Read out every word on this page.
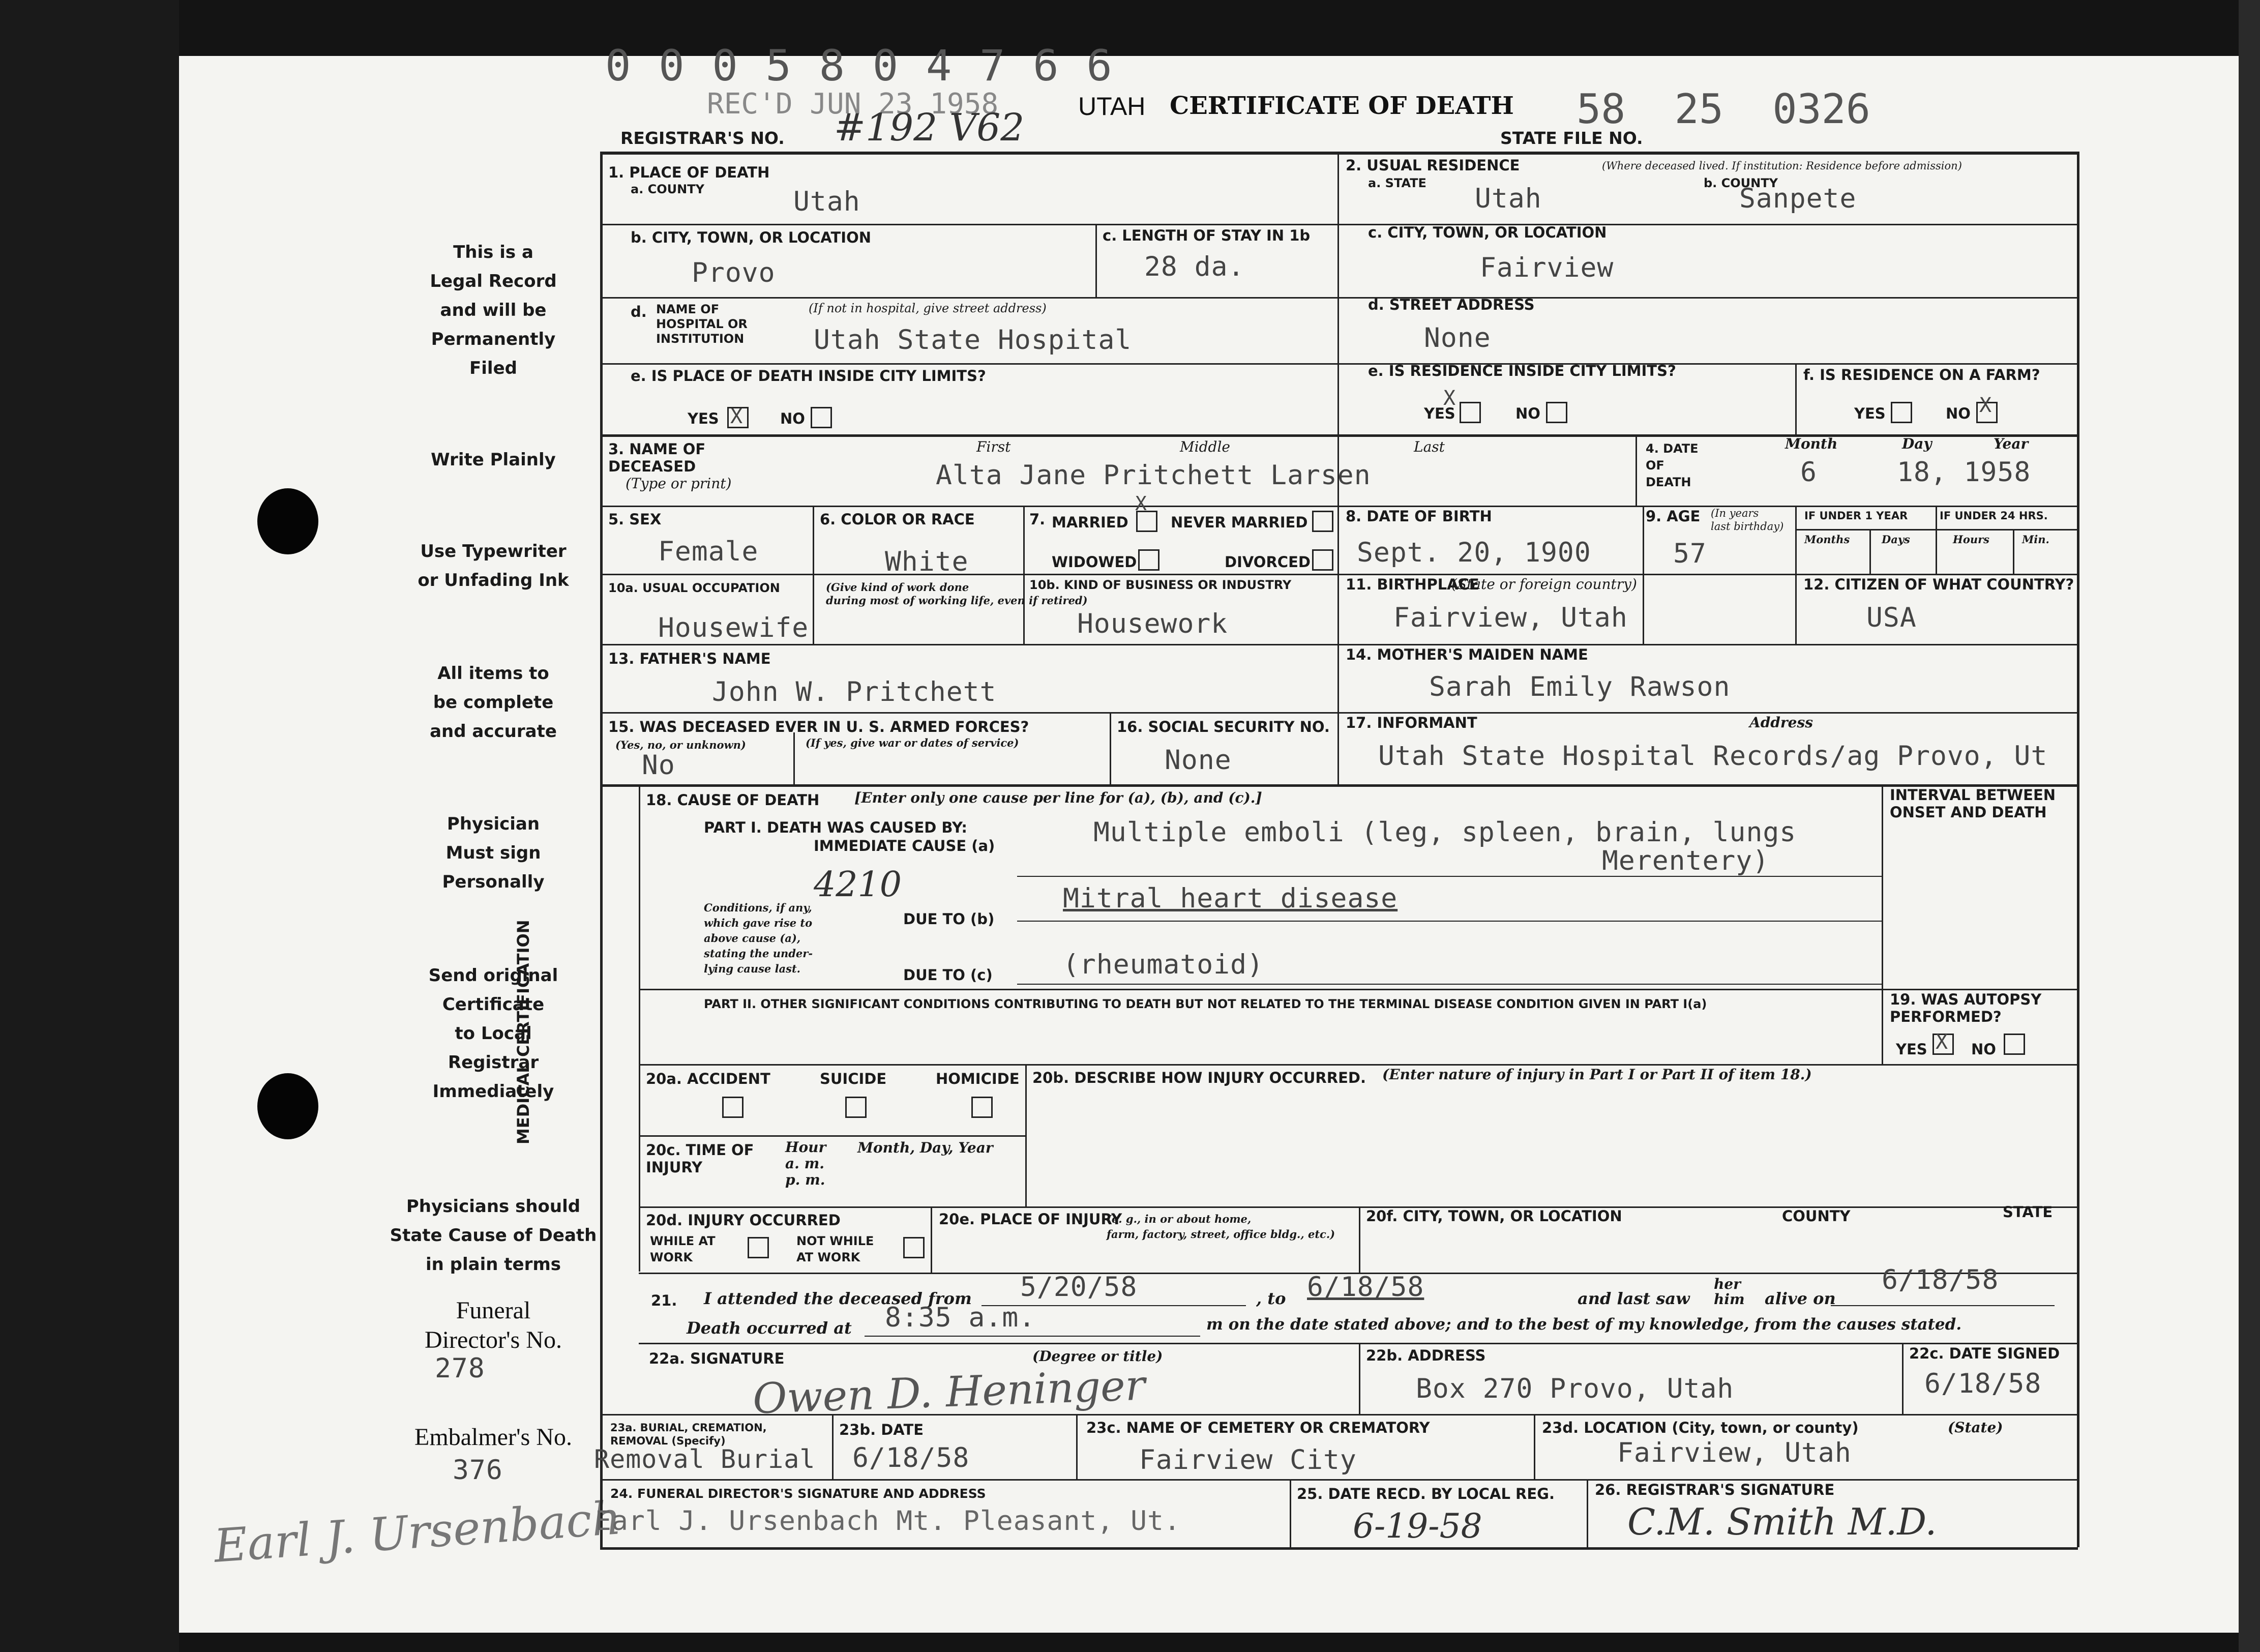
0 0 0 5 8 0 4 7 6 6
REC'D JUN 23 1958
REGISTRAR'S NO. #192 V62 UTAH CERTIFICATE OF DEATH 58  25  0326
STATE FILE NO.
This is a
Legal Record
and will be
Permanently
Filed
Write Plainly
Use Typewriter
or Unfading Ink
All items to
be complete
and accurate
Physician
Must sign
Personally
Send original
Certificate
to Local
Registrar
Immediately
Physicians should
State Cause of Death
in plain terms
Funeral
Director's No.
278
Embalmer's No.
376
Earl J. Ursenbach
1. PLACE OF DEATH
a. COUNTY	Utah
2. USUAL RESIDENCE	(Where deceased lived. If institution: Residence before admission)
a. STATE Utah	b. COUNTY
Sanpete
b. CITY, TOWN, OR LOCATION
Provo
c. LENGTH OF STAY IN 1b
28 da.
c. CITY, TOWN, OR LOCATION
Fairview
d. NAME OF
HOSPITAL OR
INSTITUTION
(If not in hospital, give street address)
Utah State Hospital
d. STREET ADDRESS
None
e. IS PLACE OF DEATH INSIDE CITY LIMITS?
YES X	NO
e. IS RESIDENCE INSIDE CITY LIMITS?
YES
X
NO
f. IS RESIDENCE ON A FARM?
YES	NO X
3. NAME OF
DECEASED
(Type or print)
First	Middle	Last
Alta Jane Pritchett Larsen
4. DATE
OF
DEATH
Month	Day	Year
6	18, 1958
5. SEX
Female
6. COLOR OR RACE
White
7. MARRIED
X
NEVER MARRIED
WIDOWED	DIVORCED
8. DATE OF BIRTH
Sept. 20, 1900
9. AGE (In years
last birthday)
57
IF UNDER 1 YEAR	IF UNDER 24 HRS.
Months	Days	Hours	Min.
10a. USUAL OCCUPATION	(Give kind of work done
during most of working life, even if retired)
Housewife
10b. KIND OF BUSINESS OR INDUSTRY
Housework
11. BIRTHPLACE
(State or foreign country)
Fairview, Utah
12. CITIZEN OF WHAT COUNTRY?
USA
13. FATHER'S NAME
John W. Pritchett
14. MOTHER'S MAIDEN NAME
Sarah Emily Rawson
15. WAS DECEASED EVER IN U. S. ARMED FORCES?
(Yes, no, or unknown)	(If yes, give war or dates of service)
No
16. SOCIAL SECURITY NO.
None
17. INFORMANT	Address
Utah State Hospital Records/ag Provo, Ut
MEDICAL CERTIFICATION
18. CAUSE OF DEATH [Enter only one cause per line for (a), (b), and (c).]
PART I. DEATH WAS CAUSED BY:
IMMEDIATE CAUSE (a)	Multiple emboli (leg, spleen, brain, lungs
Merentery)
4210
Conditions, if any,
which gave rise to
above cause (a),
stating the under-
lying cause last.
DUE TO (b)
Mitral heart disease
DUE TO (c)	(rheumatoid)
PART II. OTHER SIGNIFICANT CONDITIONS CONTRIBUTING TO DEATH BUT NOT RELATED TO THE TERMINAL DISEASE CONDITION GIVEN IN PART I(a)
INTERVAL BETWEEN
ONSET AND DEATH
19. WAS AUTOPSY
PERFORMED?
YES X NO
20a. ACCIDENT	SUICIDE	HOMICIDE 20b. DESCRIBE HOW INJURY OCCURRED. (Enter nature of injury in Part I or Part II of item 18.)
20c. TIME OF
INJURY
Hour
a. m.
p. m.
Month, Day, Year
20d. INJURY OCCURRED
WHILE AT
WORK
NOT WHILE
AT WORK
20e. PLACE OF INJURY
(e. g., in or about home,
farm, factory, street, office bldg., etc.)
20f. CITY, TOWN, OR LOCATION	COUNTY	STATE
21. I attended the deceased from 5/20/58	, to 6/18/58	and last saw
her
him alive on
6/18/58
Death occurred at 8:35 a.m.	m on the date stated above; and to the best of my knowledge, from the causes stated.
22a. SIGNATURE	(Degree or title)
Owen D. Heninger
22b. ADDRESS
Box 270 Provo, Utah
22c. DATE SIGNED
6/18/58
23a. BURIAL, CREMATION,
REMOVAL (Specify)
Removal Burial
23b. DATE
6/18/58
23c. NAME OF CEMETERY OR CREMATORY
Fairview City
23d. LOCATION (City, town, or county)	(State)
Fairview, Utah
24. FUNERAL DIRECTOR'S SIGNATURE AND ADDRESS
Earl J. Ursenbach Mt. Pleasant, Ut.
25. DATE RECD. BY LOCAL REG.
6-19-58
26. REGISTRAR'S SIGNATURE
C.M. Smith M.D.
